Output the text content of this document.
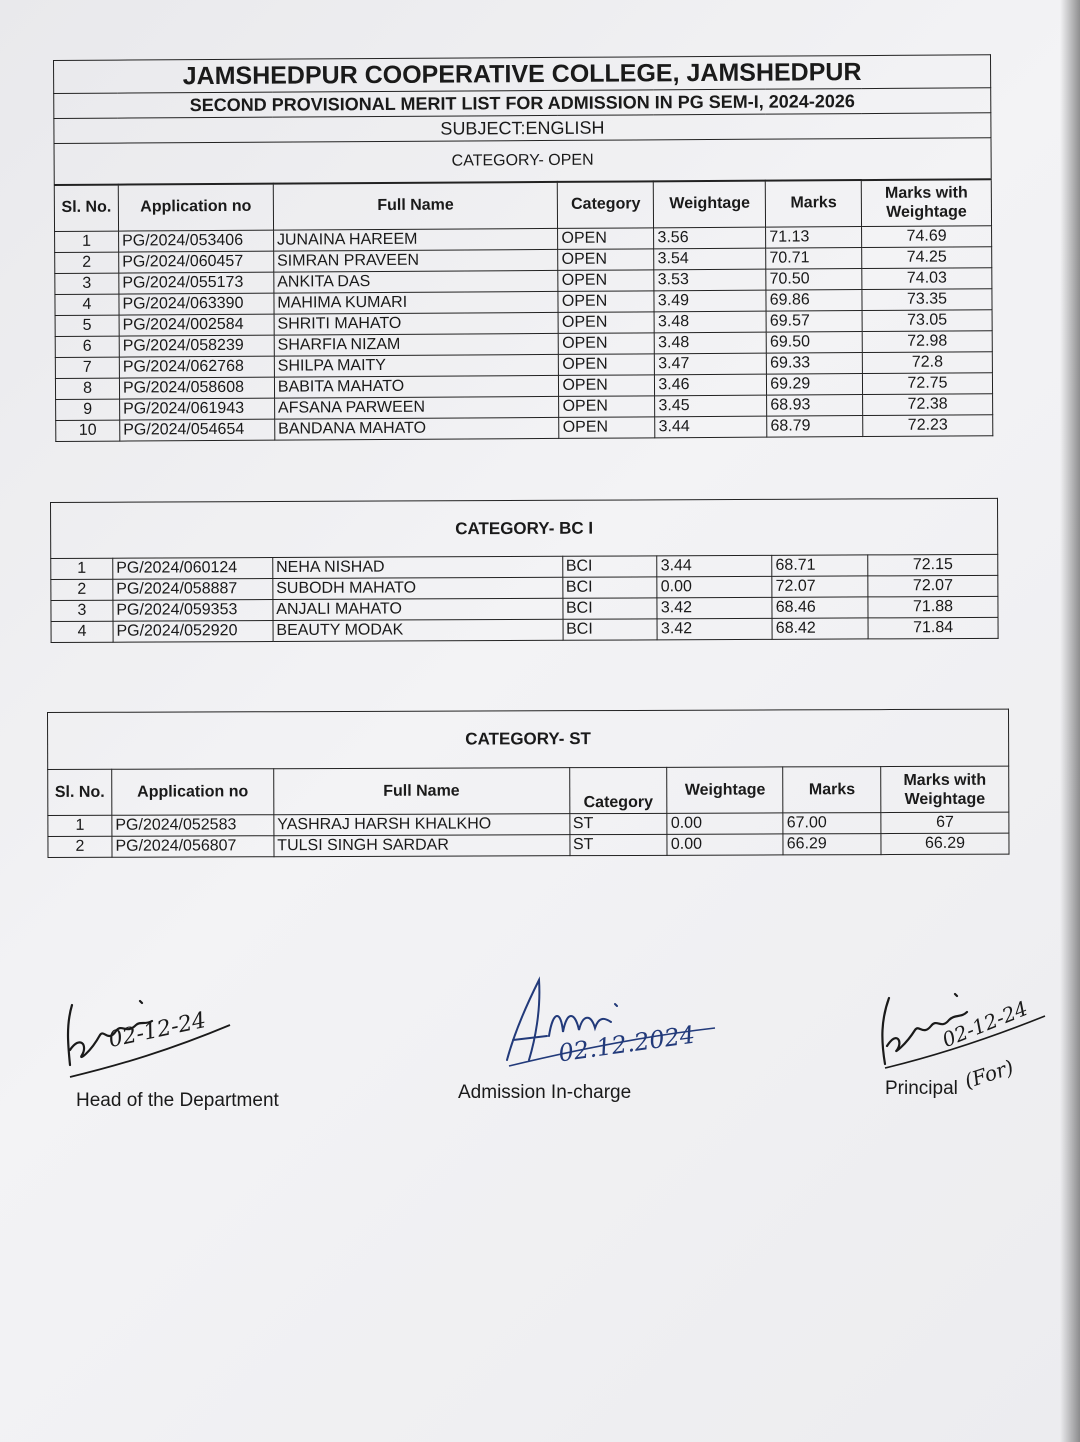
JAMSHEDPUR COOPERATIVE COLLEGE, JAMSHEDPUR						
SECOND PROVISIONAL MERIT LIST FOR ADMISSION IN PG SEM-I, 2024-2026						
SUBJECT:ENGLISH						
CATEGORY- OPEN						
Sl. No.	Application no	Full Name	Category	Weightage	Marks	Marks with Weightage
1	PG/2024/053406	JUNAINA HAREEM	OPEN	3.56	71.13	74.69
2	PG/2024/060457	SIMRAN PRAVEEN	OPEN	3.54	70.71	74.25
3	PG/2024/055173	ANKITA DAS	OPEN	3.53	70.50	74.03
4	PG/2024/063390	MAHIMA KUMARI	OPEN	3.49	69.86	73.35
5	PG/2024/002584	SHRITI MAHATO	OPEN	3.48	69.57	73.05
6	PG/2024/058239	SHARFIA NIZAM	OPEN	3.48	69.50	72.98
7	PG/2024/062768	SHILPA MAITY	OPEN	3.47	69.33	72.8
8	PG/2024/058608	BABITA MAHATO	OPEN	3.46	69.29	72.75
9	PG/2024/061943	AFSANA PARWEEN	OPEN	3.45	68.93	72.38
10	PG/2024/054654	BANDANA MAHATO	OPEN	3.44	68.79	72.23
CATEGORY- BC I						
1	PG/2024/060124	NEHA NISHAD	BCI	3.44	68.71	72.15
2	PG/2024/058887	SUBODH MAHATO	BCI	0.00	72.07	72.07
3	PG/2024/059353	ANJALI MAHATO	BCI	3.42	68.46	71.88
4	PG/2024/052920	BEAUTY MODAK	BCI	3.42	68.42	71.84
CATEGORY- ST						
Sl. No.	Application no	Full Name	Category	Weightage	Marks	Marks with Weightage
1	PG/2024/052583	YASHRAJ HARSH KHALKHO	ST	0.00	67.00	67
2	PG/2024/056807	TULSI SINGH SARDAR	ST	0.00	66.29	66.29
02-12-24
Head of the Department
02.12.2024
Admission In-charge
02-12-24
Principal (For)
